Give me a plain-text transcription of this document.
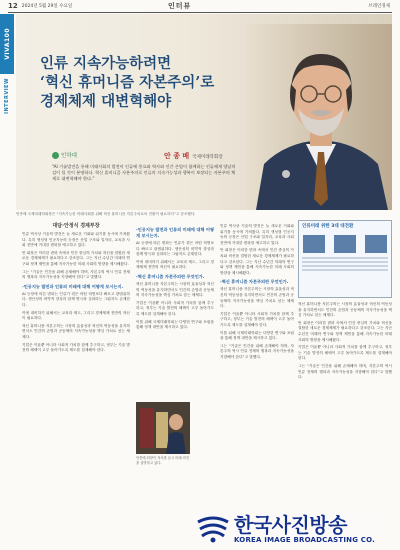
12 2024년 5월 29일 수요일	인터뷰	브레인경제
VIVA100
INTERVIEW
인류 지속가능하려면
‘혁신 휴머니즘 자본주의’로
경제체제 대변혁해야
인하대	안 종 배 국제미래학회장
“AI 기술발전을 통해 미래사회의 발전이 인류에 풍요와 역사와 인간 존엄이 함께하는 인류에게 양날의 검이 될 것이 분명하다. 혁신 휴머니즘 자본주의로 인류의 지속가능성과 행복이 보장되는 자본주의 체제로 대변혁해야 한다.”
안종배 국제미래학회장은 “지속가능한 미래사회를 위해 혁신 휴머니즘 자본주의로의 전환이 필요하다”고 강조했다.
대담·안정식 경제부장

인류 역사상 기술의 발전은 늘 새로운 기회와 위기를 동시에 가져왔다. 특히 생성형 인공지능의 등장은 산업 구조와 일자리, 교육과 사회 전반에 거대한 변화를 예고하고 있다.

안 회장은 이러한 변화 속에서 인간 중심의 가치와 혁신을 결합한 새로운 경제체제가 필요하다고 강조한다. 그는 지난 수년간 미래학 연구와 정책 제언을 통해 지속가능한 미래 사회의 방향을 제시해왔다.

그는 “기술은 인간을 위해 존재해야 하며, 자본주의 역시 인류 전체의 행복과 지속가능성을 지향해야 한다”고 말했다.

-인공지능 발전과 인류의 미래에 대해 어떻게 보시는지.

AI 등장에 따른 변화는 인류가 겪은 어떤 혁명보다 빠르고 광범위하다. 생산성의 비약적 향상과 함께 양극화 심화라는 그림자도 존재한다.

이에 대비하기 위해서는 교육과 제도, 그리고 경제체제 전반의 혁신이 필요하다.

혁신 휴머니즘 자본주의는 시장의 효율성과 혁신의 역동성을 유지하면서도 인간의 존엄과 공동체의 지속가능성을 핵심 가치로 삼는 체제다.

기업은 이윤뿐 아니라 사회적 가치를 함께 추구하고, 정부는 기술 발전의 혜택이 고루 돌아가도록 제도를 설계해야 한다.

-인공지능 발전과 인류의 미래에 대해 어떻게 보시는지.

AI 등장에 따른 변화는 인류가 겪은 어떤 혁명보다 빠르고 광범위하다. 생산성의 비약적 향상과 함께 양극화 심화라는 그림자도 존재한다.

이에 대비하기 위해서는 교육과 제도, 그리고 경제체제 전반의 혁신이 필요하다.

-혁신 휴머니즘 자본주의란 무엇인가.

혁신 휴머니즘 자본주의는 시장의 효율성과 혁신의 역동성을 유지하면서도 인간의 존엄과 공동체의 지속가능성을 핵심 가치로 삼는 체제다.

기업은 이윤뿐 아니라 사회적 가치를 함께 추구하고, 정부는 기술 발전의 혜택이 고루 돌아가도록 제도를 설계해야 한다.

이를 위해 국제미래학회는 다양한 연구와 포럼을 통해 정책 대안을 제시하고 있다.

인류 역사상 기술의 발전은 늘 새로운 기회와 위기를 동시에 가져왔다. 특히 생성형 인공지능의 등장은 산업 구조와 일자리, 교육과 사회 전반에 거대한 변화를 예고하고 있다.

안 회장은 이러한 변화 속에서 인간 중심의 가치와 혁신을 결합한 새로운 경제체제가 필요하다고 강조한다. 그는 지난 수년간 미래학 연구와 정책 제언을 통해 지속가능한 미래 사회의 방향을 제시해왔다.

-혁신 휴머니즘 자본주의란 무엇인가.

혁신 휴머니즘 자본주의는 시장의 효율성과 혁신의 역동성을 유지하면서도 인간의 존엄과 공동체의 지속가능성을 핵심 가치로 삼는 체제다.

기업은 이윤뿐 아니라 사회적 가치를 함께 추구하고, 정부는 기술 발전의 혜택이 고루 돌아가도록 제도를 설계해야 한다.

이를 위해 국제미래학회는 다양한 연구와 포럼을 통해 정책 대안을 제시하고 있다.

그는 “기술은 인간을 위해 존재해야 하며, 자본주의 역시 인류 전체의 행복과 지속가능성을 지향해야 한다”고 말했다.

인류미래 위한 3대 대전환

혁신 휴머니즘 자본주의는 시장의 효율성과 혁신의 역동성을 유지하면서도 인간의 존엄과 공동체의 지속가능성을 핵심 가치로 삼는 체제다.

안 회장은 이러한 변화 속에서 인간 중심의 가치와 혁신을 결합한 새로운 경제체제가 필요하다고 강조한다. 그는 지난 수년간 미래학 연구와 정책 제언을 통해 지속가능한 미래 사회의 방향을 제시해왔다.

기업은 이윤뿐 아니라 사회적 가치를 함께 추구하고, 정부는 기술 발전의 혜택이 고루 돌아가도록 제도를 설계해야 한다.

그는 “기술은 인간을 위해 존재해야 하며, 자본주의 역시 인류 전체의 행복과 지속가능성을 지향해야 한다”고 말했다.

안종배 회장이 저서를 들고 미래 비전을 설명하고 있다.
한국사진방송
KOREA IMAGE BROADCASTING CO.
